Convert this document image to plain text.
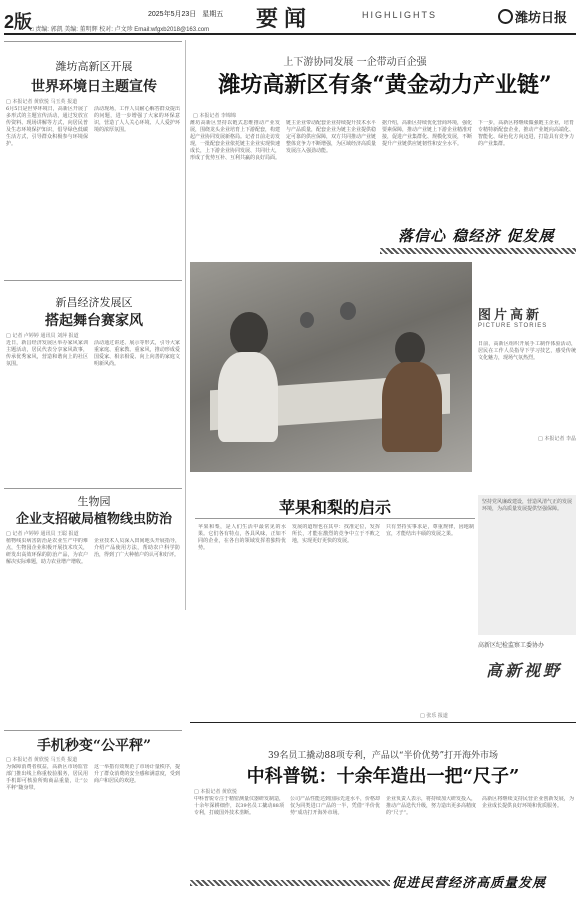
2版
□ 责编: 郭凯 美编: 董明辉 校对: 卢文珍 Email:wfgxb2018@163.com
2025年5月23日 星期五 要闻	HIGHLIGHTS	潍坊日报
上下游协同发展 一企带动百企强
潍坊高新区有条“黄金动力产业链”
□ 本报记者 李锦锦
潍坊高新区坚持以链式思维推动产业发展，围绕龙头企业培育上下游配套，构建起产业协同发展新格局。记者日前走访发现，一批配套企业依托链主企业实现快速成长，上下游企业协同发展、共同壮大，形成了优势互补、互利共赢的良好局面。
链主企业带动配套企业持续提升技术水平与产品质量，配套企业为链主企业提供稳定可靠的供应保障，双方共同推动产业链整体竞争力不断增强，为区域经济高质量发展注入强劲动能。
据介绍，高新区持续优化营商环境，强化要素保障，推动产业链上下游企业精准对接，促进产业集群化、规模化发展，不断提升产业链供应链韧性和安全水平。
下一步，高新区将继续做强链主企业，培育专精特新配套企业，推动产业链向高端化、智能化、绿色化方向迈进，打造具有竞争力的产业集群。
落信心 稳经济 促发展
潍坊高新区开展
世界环境日主题宣传
□ 本报记者 黄欣悦 马玉英 报道
6月5日是世界环境日，高新区开展了多形式的主题宣传活动，通过发放宣传资料、现场讲解等方式，向居民普及生态环境保护知识，倡导绿色低碳生活方式，引导群众积极参与环境保护。
活动现场，工作人员耐心解答群众提出的问题，进一步增强了大家的环保意识，营造了人人关心环境、人人爱护环境的浓厚氛围。
新昌经济发展区
搭起舞台赛家风
□ 记者 卢婷婷 通讯员 刘萍 报道
近日，新昌经济发展区举办家风家训主题活动，居民代表分享家风故事，传承优秀家风，营造和谐向上的社区氛围。
活动通过讲述、展示等形式，引导大家重家庭、重家教、重家风，推动形成爱国爱家、相亲相爱、向上向善的家庭文明新风尚。
生物园
企业支招破局植物线虫防治
□ 记者 卢婷婷 通讯员 王聪 报道
植物线虫病害防治是农业生产中的难点，生物园企业积极开展技术攻关，研发出高效环保的防治产品，为农户解决实际难题，助力农业增产增收。
企业技术人员深入田间地头开展指导，介绍产品使用方法，帮助农户科学防治，得到了广大种植户的认可和好评。
手机秒变“公平秤”
□ 本报记者 黄欣悦 马玉英 报道
为保障消费者权益，高新区市场监管部门推出线上称重校验服务，居民用手机即可核验所购商品重量，让“公平秤”随身带。
这一举措有效规范了市场计量秩序，提升了群众消费的安全感和满意度，受到商户和居民的欢迎。
图片高新
PICTURE STORIES
日前，高新区组织开展手工制作体验活动，居民在工作人员指导下学习技艺，感受传统文化魅力，现场气氛热烈。
□ 本报记者 李晶
苹果和梨的启示
苹果和梨，是人们生活中最常见的水果。它们各有特点，各具风味，正如不同的企业，在各自的领域发挥着独特优势。
发展的道理也在其中：找准定位，发挥所长，才能在激烈的竞争中立于不败之地，实现更好更快的发展。
只有坚持实事求是，尊重规律，因地制宜，才能结出丰硕的发展之果。
□ 张乐 报道
坚持党风廉政建设，营造风清气正的发展环境，为高质量发展提供坚强保障。
高新区纪检监察工委协办
高新视野
39名员工撬动88项专利，产品以“半价优势”打开海外市场
中科普锐：十余年造出一把“尺子”
□ 本报记者 黄欣悦
中科普锐专注于精密测量仪器研发制造，十余年深耕细作，以39名员工撬动88项专利，打破国外技术垄断。
公司产品性能达到国际先进水平，价格却仅为同类进口产品的一半，凭借“半价优势”成功打开海外市场。
企业负责人表示，将持续加大研发投入，推动产品迭代升级，努力造出更多高精度的“尺子”。
高新区将继续支持民营企业创新发展，为企业成长提供良好环境和优质服务。
促进民营经济高质量发展
